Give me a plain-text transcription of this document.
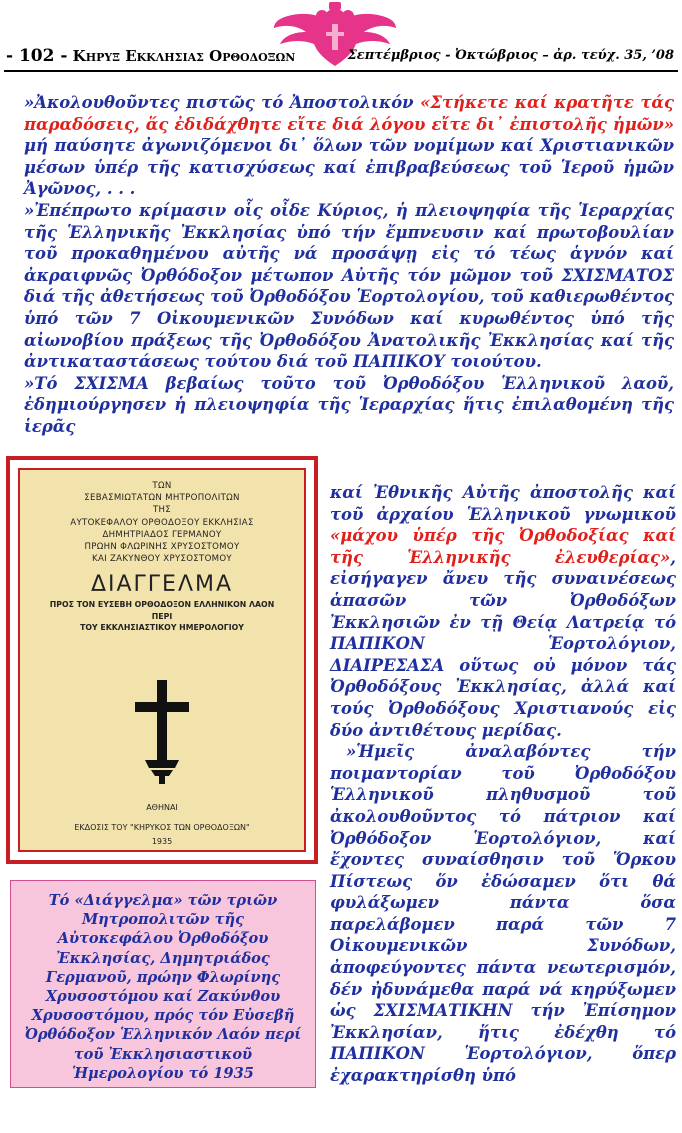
- 102 - Κηρυξ Εκκλησιας Ορθοδοξων	Σεπτέμβριος - Ὀκτώβριος – ἀρ. τεύχ. 35, ’08
»Ἀκολουθοῦντες πιστῶς τό Ἀποστολικόν «Στήκετε καί κρατῆτε τάς παραδόσεις, ἅς ἐδιδάχθητε εἴτε διά λόγου εἴτε δι᾽ ἐπιστολῆς ἡμῶν» μή παύσητε ἀγωνιζόμενοι δι᾽ ὅλων τῶν νομίμων καί Χριστιανικῶν μέσων ὑπέρ τῆς κατισχύσεως καί ἐπιβραβεύσεως τοῦ Ἱεροῦ ἡμῶν Ἀγῶνος, . . .
»Ἐπέπρωτο κρίμασιν οἷς οἶδε Κύριος, ἡ πλειοψηφία τῆς Ἱεραρχίας τῆς Ἑλληνικῆς Ἐκκλησίας ὑπό τήν ἔμπνευσιν καί πρωτοβουλίαν τοῦ προκαθημένου αὐτῆς νά προσάψῃ εἰς τό τέως ἁγνόν καί ἀκραιφνῶς Ὀρθόδοξον μέτωπον Αὐτῆς τόν μῶμον τοῦ ΣΧΙΣΜΑΤΟΣ διά τῆς ἀθετήσεως τοῦ Ὀρθοδόξου Ἑορτολογίου, τοῦ καθιερωθέντος ὑπό τῶν 7 Οἰκουμενικῶν Συνόδων καί κυρωθέντος ὑπό τῆς αἰωνοβίου πράξεως τῆς Ὀρθοδόξου Ἀνατολικῆς Ἐκκλησίας καί τῆς ἀντικαταστάσεως τούτου διά τοῦ ΠΑΠΙΚΟΥ τοιούτου.
»Τό ΣΧΙΣΜΑ βεβαίως τοῦτο τοῦ Ὀρθοδόξου Ἑλληνικοῦ λαοῦ, ἐδημιούργησεν ἡ πλειοψηφία τῆς Ἱεραρχίας ἥτις ἐπιλαθομένη τῆς ἱερᾶς
ΤΩΝ
ΣΕΒΑΣΜΙΩΤΑΤΩΝ ΜΗΤΡΟΠΟΛΙΤΩΝ
ΤΗΣ
ΑΥΤΟΚΕΦΑΛΟΥ ΟΡΘΟΔΟΞΟΥ ΕΚΚΛΗΣΙΑΣ
ΔΗΜΗΤΡΙΑΔΟΣ ΓΕΡΜΑΝΟΥ
ΠΡΩΗΝ ΦΛΩΡΙΝΗΣ ΧΡΥΣΟΣΤΟΜΟΥ
ΚΑΙ ΖΑΚΥΝΘΟΥ ΧΡΥΣΟΣΤΟΜΟΥ
ΔΙΑΓΓΕΛΜΑ
ΠΡΟΣ ΤΟΝ ΕΥΣΕΒΗ ΟΡΘΟΔΟΞΟΝ ΕΛΛΗΝΙΚΟΝ ΛΑΟΝ
ΠΕΡΙ
ΤΟΥ ΕΚΚΛΗΣΙΑΣΤΙΚΟΥ ΗΜΕΡΟΛΟΓΙΟΥ
ΑΘΗΝΑΙ
ΕΚΔΟΣΙΣ ΤΟΥ "ΚΗΡΥΚΟΣ ΤΩΝ ΟΡΘΟΔΟΞΩΝ"
1935
Τό «Διάγγελμα» τῶν τριῶν Μητροπολιτῶν τῆς Αὐτοκεφάλου Ὀρθοδόξου Ἐκκλησίας, Δημητριάδος Γερμανοῦ, πρώην Φλωρίνης Χρυσοστόμου καί Ζακύνθου Χρυσοστόμου, πρός τόν Εὐσεβῆ Ὀρθόδοξον Ἑλληνικόν Λαόν περί τοῦ Ἐκκλησιαστικοῦ Ἡμερολογίου τό 1935
καί Ἐθνικῆς Αὐτῆς ἀποστολῆς καί τοῦ ἀρχαίου Ἑλληνικοῦ γνωμικοῦ «μάχου ὑπέρ τῆς Ὀρθοδοξίας καί τῆς Ἑλληνικῆς ἐλευθερίας», εἰσήγαγεν ἄνευ τῆς συναινέσεως ἁπασῶν τῶν Ὀρθοδόξων Ἐκκλησιῶν ἐν τῇ Θείᾳ Λατρείᾳ τό ΠΑΠΙΚΟΝ Ἑορτολόγιον, ΔΙΑΙΡΕΣΑΣΑ οὕτως οὐ μόνον τάς Ὀρθοδόξους Ἐκκλησίας, ἀλλά καί τούς Ὀρθοδόξους Χριστιανούς εἰς δύο ἀντιθέτους μερίδας.
»Ἡμεῖς ἀναλαβόντες τήν ποιμαντορίαν τοῦ Ὀρθοδόξου Ἑλληνικοῦ πληθυσμοῦ τοῦ ἀκολουθοῦντος τό πάτριον καί Ὀρθόδοξον Ἑορτολόγιον, καί ἔχοντες συναίσθησιν τοῦ Ὅρκου Πίστεως ὅν ἐδώσαμεν ὅτι θά φυλάξωμεν πάντα ὅσα παρελάβομεν παρά τῶν 7 Οἰκουμενικῶν Συνόδων, ἀποφεύγοντες πάντα νεωτερισμόν, δέν ἠδυνάμεθα παρά νά κηρύξωμεν ὡς ΣΧΙΣΜΑΤΙΚΗΝ τήν Ἐπίσημον Ἐκκλησίαν, ἥτις ἐδέχθη τό ΠΑΠΙΚΟΝ Ἑορτολόγιον, ὅπερ ἐχαρακτηρίσθη ὑπό
